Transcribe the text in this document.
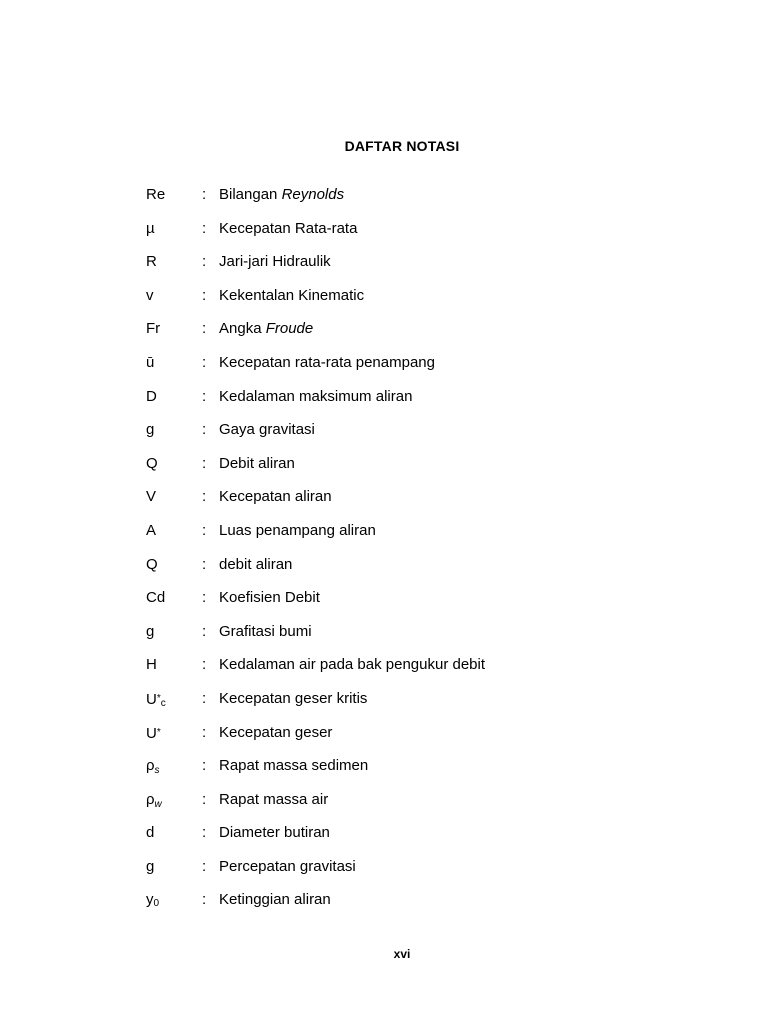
DAFTAR NOTASI
Re	: Bilangan Reynolds
µ	: Kecepatan Rata-rata
R	: Jari-jari Hidraulik
v	: Kekentalan Kinematic
Fr	: Angka Froude
ū	: Kecepatan rata-rata penampang
D	: Kedalaman maksimum aliran
g	: Gaya gravitasi
Q	: Debit aliran
V	: Kecepatan aliran
A	: Luas penampang aliran
Q	: debit aliran
Cd	: Koefisien Debit
g	: Grafitasi bumi
H	: Kedalaman air pada bak pengukur debit
U*c	: Kecepatan geser kritis
U*	: Kecepatan geser
$\rho_s$	: Rapat massa sedimen
$\rho_w$	: Rapat massa air
d	: Diameter butiran
g	: Percepatan gravitasi
y0	: Ketinggian aliran
xvi
